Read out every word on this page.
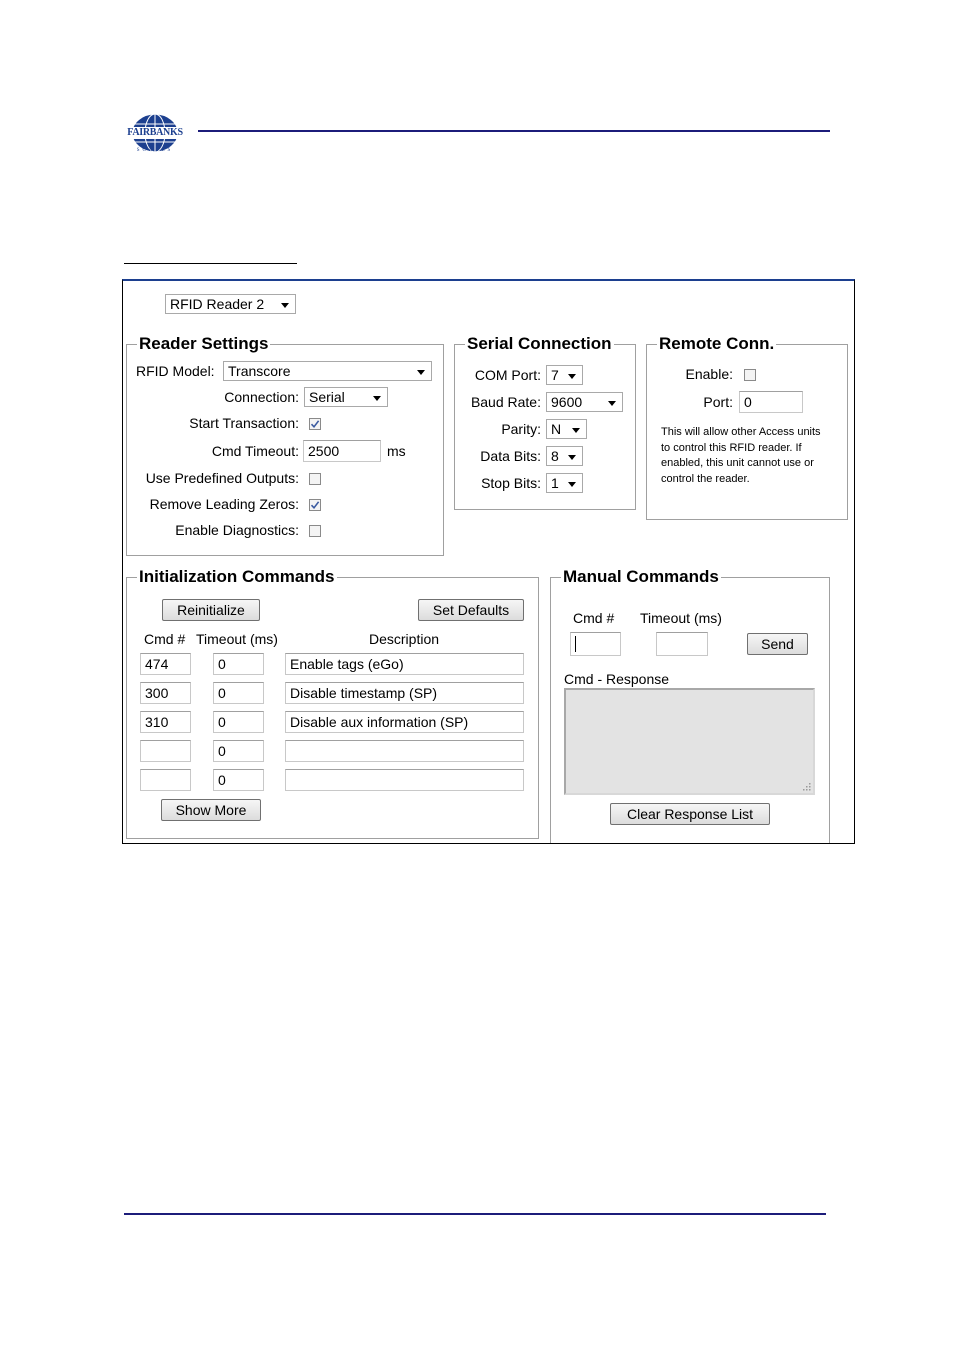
FAIRBANKS
SCALES
RFID Reader 2
Reader Settings
RFID Model: Transcore
Connection: Serial
Start Transaction:
Cmd Timeout: 2500	ms
Use Predefined Outputs:
Remove Leading Zeros:
Enable Diagnostics:
Serial Connection
COM Port: 7
Baud Rate: 9600
Parity: N
Data Bits: 8
Stop Bits: 1
Remote Conn.
Enable:
Port: 0
This will allow other Access units to control this RFID reader. If enabled, this unit cannot use or control the reader.
Initialization Commands
Reinitialize	Set Defaults
Cmd # Timeout (ms)	Description
474	0	Enable tags (eGo)
300	0	Disable timestamp (SP)
310	0	Disable aux information (SP)
0
0
Show More
Manual Commands
Cmd # Timeout (ms)
Send
Cmd - Response
Clear Response List
